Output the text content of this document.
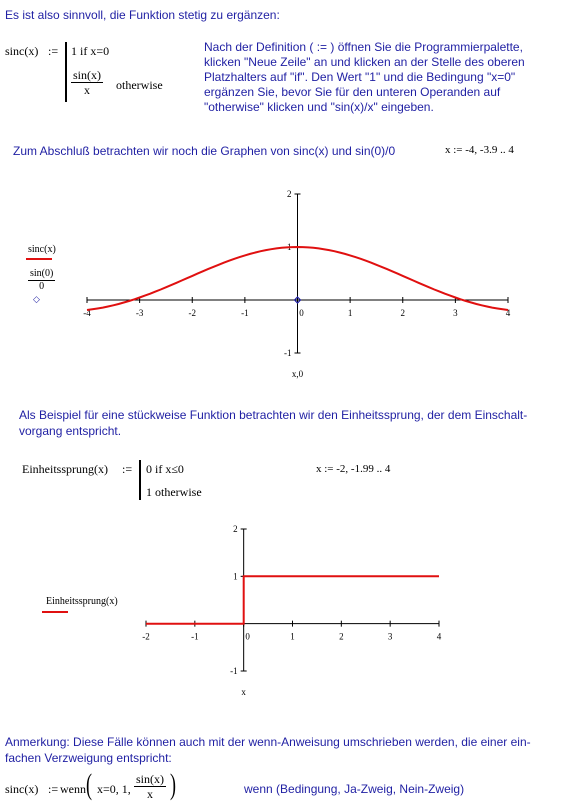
Es ist also sinnvoll, die Funktion stetig zu ergänzen:
sinc(x) := 1 if x=0
$\frac{\sin(x)}{x}$ otherwise
Nach der Definition ( := ) öffnen Sie die Programmierpalette,
klicken "Neue Zeile" an und klicken an der Stelle des oberen
Platzhalters auf "if". Den Wert "1" und die Bedingung "x=0"
ergänzen Sie, bevor Sie für den unteren Operanden auf
"otherwise" klicken und "sin(x)/x" eingeben.
Zum Abschluß betrachten wir noch die Graphen von sinc(x) und sin(0)/0	x := -4, -3.9 .. 4
sinc(x)
$\frac{\sin(0)}{0}$
◇
-4	-3	-2	-1	0	1	2	3	4
2
1
-1
x,0
Als Beispiel für eine stückweise Funktion betrachten wir den Einheitssprung, der dem Einschalt-
vorgang entspricht.
Einheitssprung(x) := 0 if x≤0
1 otherwise
x := -2, -1.99 .. 4
Einheitssprung(x)
-2	-1	0	1	2	3	4
2
1
-1
x
Anmerkung: Diese Fälle können auch mit der wenn-Anweisung umschrieben werden, die einer ein-
fachen Verzweigung entspricht:
sinc(x) := wenn ( x=0, 1, $\frac{\sin(x)}{x}$ )	wenn (Bedingung, Ja-Zweig, Nein-Zweig)
